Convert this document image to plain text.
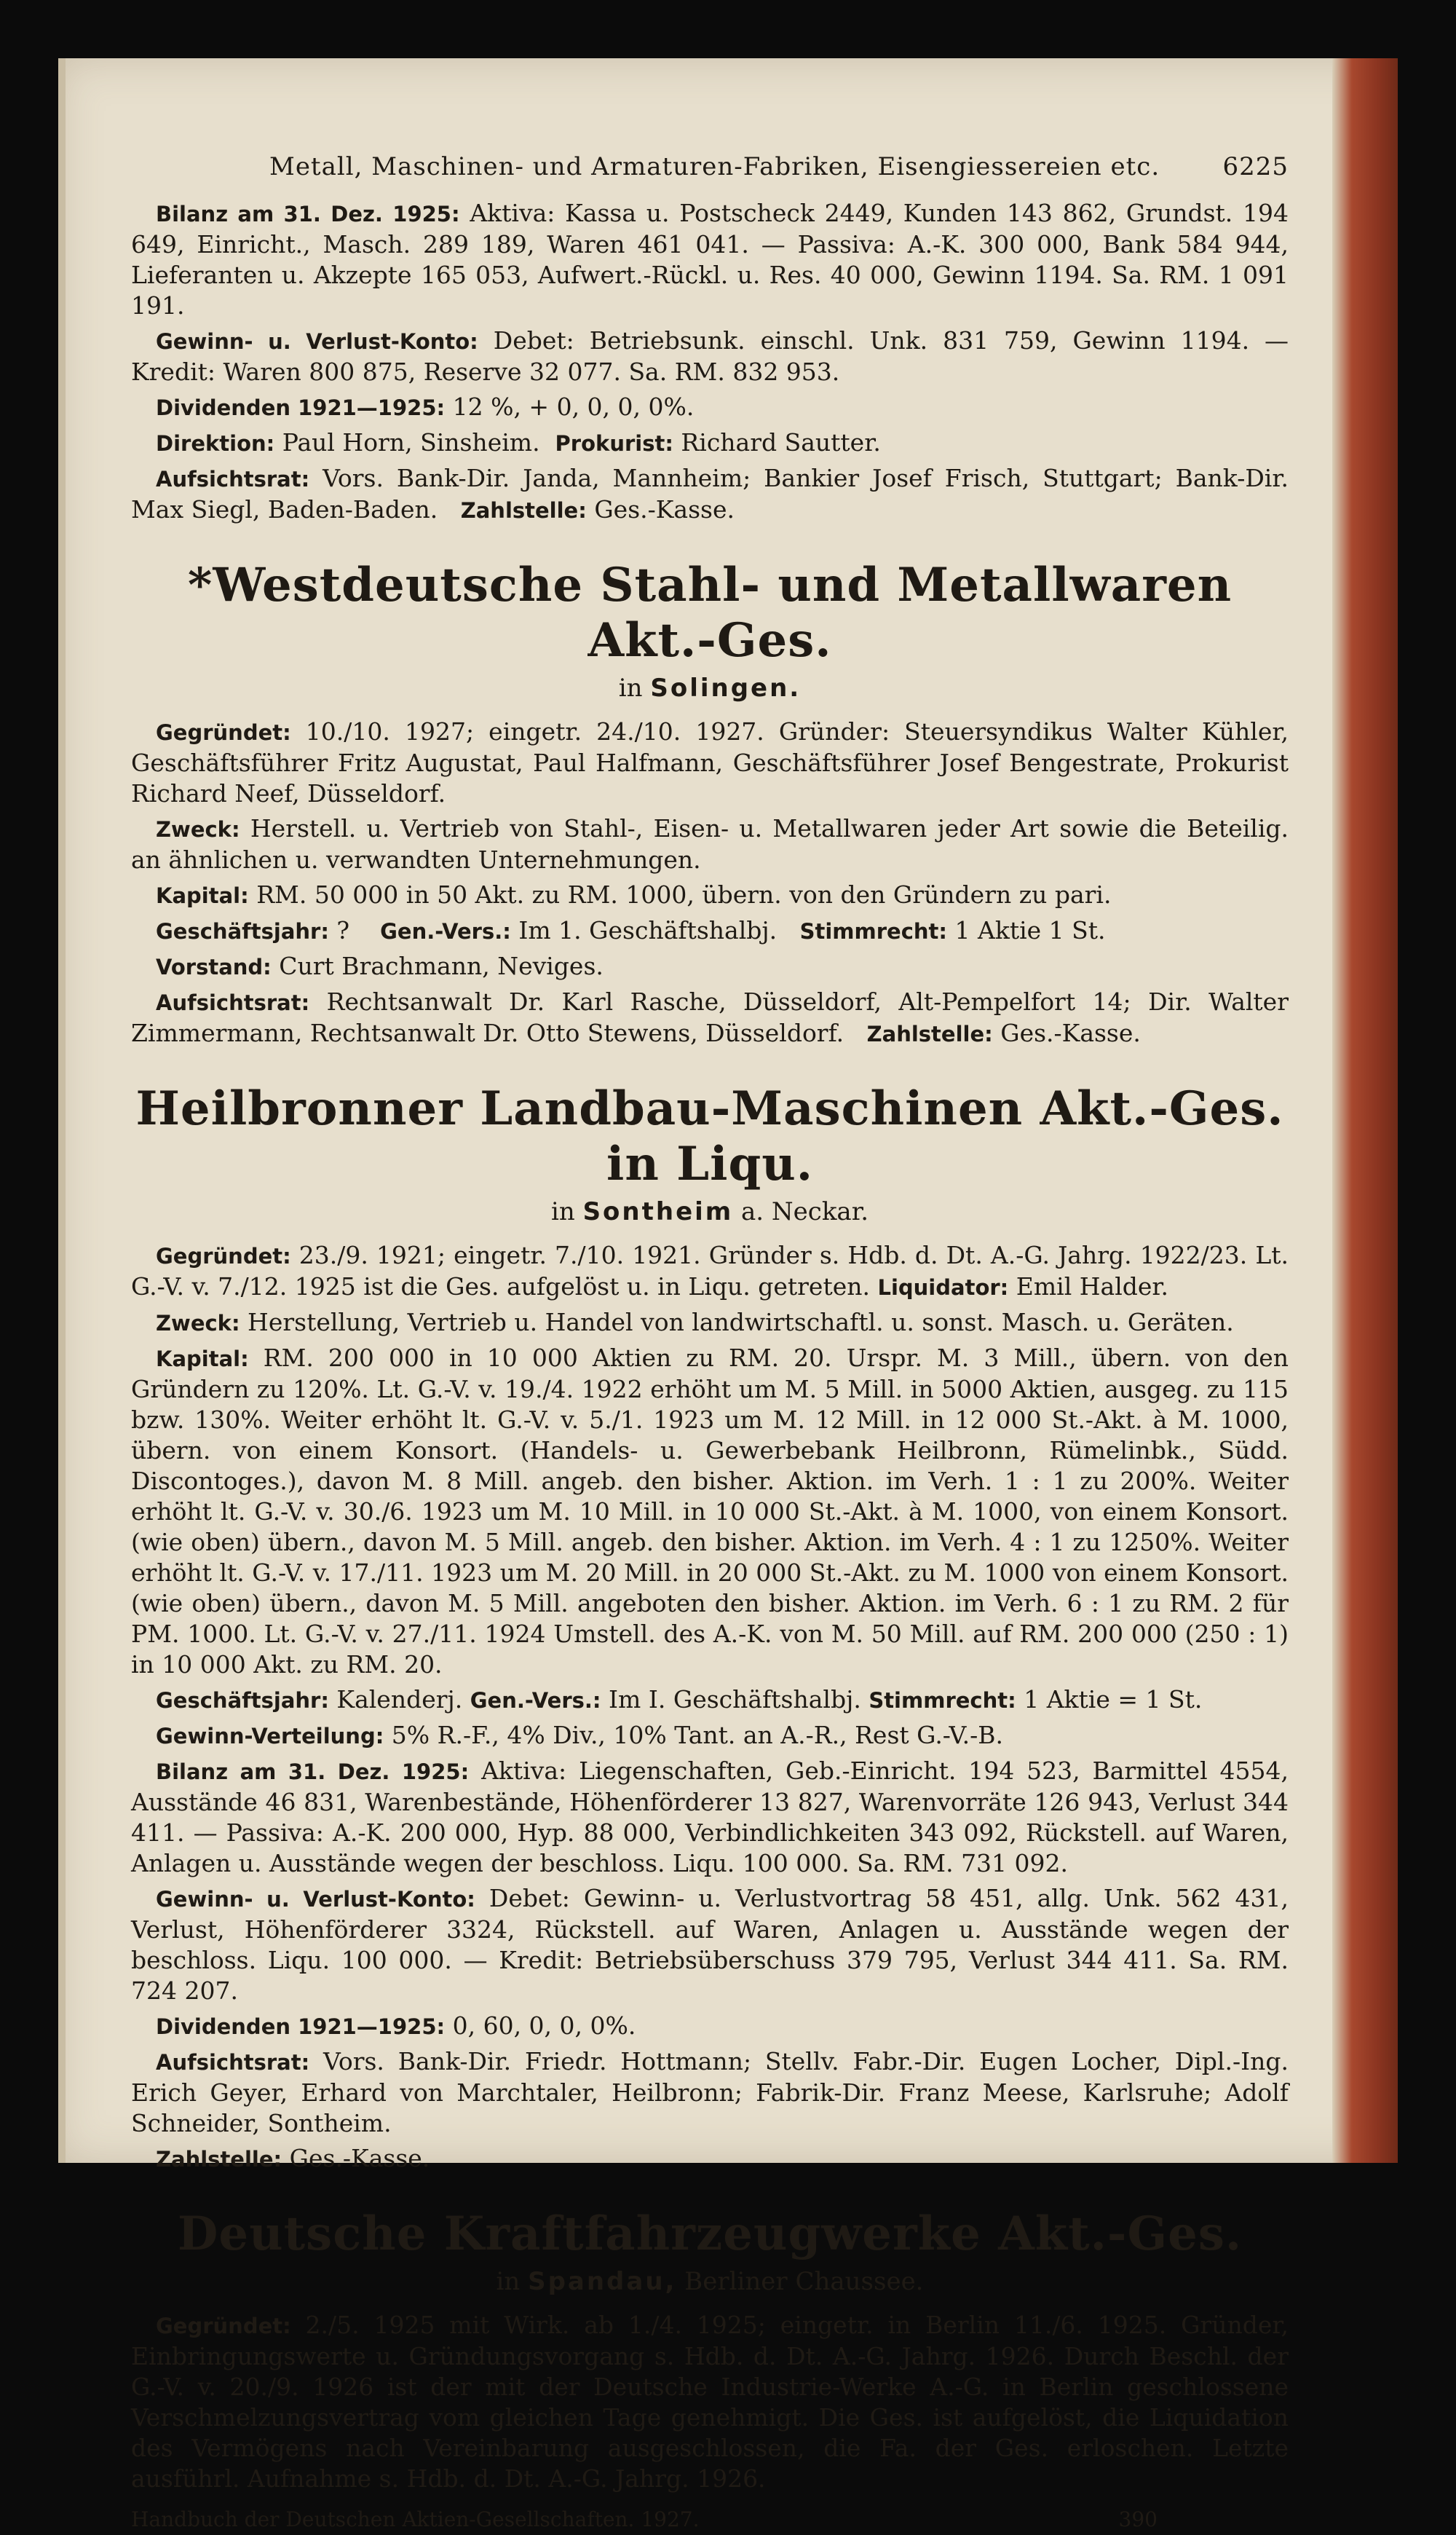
Metall, Maschinen- und Armaturen-Fabriken, Eisengiessereien etc.	6225

Bilanz am 31. Dez. 1925: Aktiva: Kassa u. Postscheck 2449, Kunden 143 862, Grundst. 194 649, Einricht., Masch. 289 189, Waren 461 041. — Passiva: A.-K. 300 000, Bank 584 944, Lieferanten u. Akzepte 165 053, Aufwert.-Rückl. u. Res. 40 000, Gewinn 1194. Sa. RM. 1 091 191.

Gewinn- u. Verlust-Konto: Debet: Betriebsunk. einschl. Unk. 831 759, Gewinn 1194. — Kredit: Waren 800 875, Reserve 32 077. Sa. RM. 832 953.

Dividenden 1921—1925: 12 %, + 0, 0, 0, 0%.

Direktion: Paul Horn, Sinsheim. Prokurist: Richard Sautter.

Aufsichtsrat: Vors. Bank-Dir. Janda, Mannheim; Bankier Josef Frisch, Stuttgart; Bank-Dir. Max Siegl, Baden-Baden. Zahlstelle: Ges.-Kasse.

*Westdeutsche Stahl- und Metallwaren Akt.-Ges.
in Solingen.

Gegründet: 10./10. 1927; eingetr. 24./10. 1927. Gründer: Steuersyndikus Walter Kühler, Geschäftsführer Fritz Augustat, Paul Halfmann, Geschäftsführer Josef Bengestrate, Prokurist Richard Neef, Düsseldorf.

Zweck: Herstell. u. Vertrieb von Stahl-, Eisen- u. Metallwaren jeder Art sowie die Beteilig. an ähnlichen u. verwandten Unternehmungen.

Kapital: RM. 50 000 in 50 Akt. zu RM. 1000, übern. von den Gründern zu pari.

Geschäftsjahr: ? Gen.-Vers.: Im 1. Geschäftshalbj. Stimmrecht: 1 Aktie 1 St.

Vorstand: Curt Brachmann, Neviges.

Aufsichtsrat: Rechtsanwalt Dr. Karl Rasche, Düsseldorf, Alt-Pempelfort 14; Dir. Walter Zimmermann, Rechtsanwalt Dr. Otto Stewens, Düsseldorf. Zahlstelle: Ges.-Kasse.

Heilbronner Landbau-Maschinen Akt.-Ges. in Liqu.
in Sontheim a. Neckar.

Gegründet: 23./9. 1921; eingetr. 7./10. 1921. Gründer s. Hdb. d. Dt. A.-G. Jahrg. 1922/23. Lt. G.-V. v. 7./12. 1925 ist die Ges. aufgelöst u. in Liqu. getreten. Liquidator: Emil Halder.

Zweck: Herstellung, Vertrieb u. Handel von landwirtschaftl. u. sonst. Masch. u. Geräten.

Kapital: RM. 200 000 in 10 000 Aktien zu RM. 20. Urspr. M. 3 Mill., übern. von den Gründern zu 120%. Lt. G.-V. v. 19./4. 1922 erhöht um M. 5 Mill. in 5000 Aktien, ausgeg. zu 115 bzw. 130%. Weiter erhöht lt. G.-V. v. 5./1. 1923 um M. 12 Mill. in 12 000 St.-Akt. à M. 1000, übern. von einem Konsort. (Handels- u. Gewerbebank Heilbronn, Rümelinbk., Südd. Discontoges.), davon M. 8 Mill. angeb. den bisher. Aktion. im Verh. 1 : 1 zu 200%. Weiter erhöht lt. G.-V. v. 30./6. 1923 um M. 10 Mill. in 10 000 St.-Akt. à M. 1000, von einem Konsort. (wie oben) übern., davon M. 5 Mill. angeb. den bisher. Aktion. im Verh. 4 : 1 zu 1250%. Weiter erhöht lt. G.-V. v. 17./11. 1923 um M. 20 Mill. in 20 000 St.-Akt. zu M. 1000 von einem Konsort. (wie oben) übern., davon M. 5 Mill. angeboten den bisher. Aktion. im Verh. 6 : 1 zu RM. 2 für PM. 1000. Lt. G.-V. v. 27./11. 1924 Umstell. des A.-K. von M. 50 Mill. auf RM. 200 000 (250 : 1) in 10 000 Akt. zu RM. 20.

Geschäftsjahr: Kalenderj. Gen.-Vers.: Im I. Geschäftshalbj. Stimmrecht: 1 Aktie = 1 St.

Gewinn-Verteilung: 5% R.-F., 4% Div., 10% Tant. an A.-R., Rest G.-V.-B.

Bilanz am 31. Dez. 1925: Aktiva: Liegenschaften, Geb.-Einricht. 194 523, Barmittel 4554, Ausstände 46 831, Warenbestände, Höhenförderer 13 827, Warenvorräte 126 943, Verlust 344 411. — Passiva: A.-K. 200 000, Hyp. 88 000, Verbindlichkeiten 343 092, Rückstell. auf Waren, Anlagen u. Ausstände wegen der beschloss. Liqu. 100 000. Sa. RM. 731 092.

Gewinn- u. Verlust-Konto: Debet: Gewinn- u. Verlustvortrag 58 451, allg. Unk. 562 431, Verlust, Höhenförderer 3324, Rückstell. auf Waren, Anlagen u. Ausstände wegen der beschloss. Liqu. 100 000. — Kredit: Betriebsüberschuss 379 795, Verlust 344 411. Sa. RM. 724 207.

Dividenden 1921—1925: 0, 60, 0, 0, 0%.

Aufsichtsrat: Vors. Bank-Dir. Friedr. Hottmann; Stellv. Fabr.-Dir. Eugen Locher, Dipl.-Ing. Erich Geyer, Erhard von Marchtaler, Heilbronn; Fabrik-Dir. Franz Meese, Karlsruhe; Adolf Schneider, Sontheim.

Zahlstelle: Ges.-Kasse.

Deutsche Kraftfahrzeugwerke Akt.-Ges.
in Spandau, Berliner Chaussee.

Gegründet: 2./5. 1925 mit Wirk. ab 1./4. 1925; eingetr. in Berlin 11./6. 1925. Gründer, Einbringungswerte u. Gründungsvorgang s. Hdb. d. Dt. A.-G. Jahrg. 1926. Durch Beschl. der G.-V. v. 20./9. 1926 ist der mit der Deutsche Industrie-Werke A.-G. in Berlin geschlossene Verschmelzungsvertrag vom gleichen Tage genehmigt. Die Ges. ist aufgelöst, die Liquidation des Vermögens nach Vereinbarung ausgeschlossen, die Fa. der Ges. erloschen. Letzte ausführl. Aufnahme s. Hdb. d. Dt. A.-G. Jahrg. 1926.

Handbuch der Deutschen Aktien-Gesellschaften. 1927.	390
